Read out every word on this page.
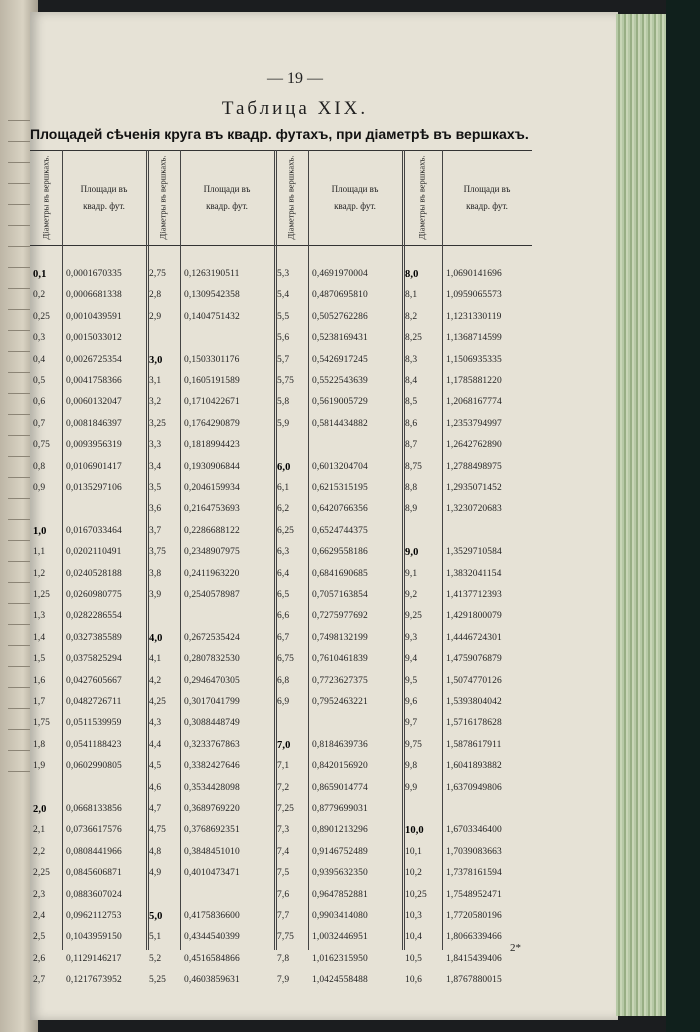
— 19 —
Таблица XIX.
Площадей сѣченія круга въ квадр. футахъ, при діаметрѣ въ вершкахъ.
Діаметры въ вершкахъ.	Площади въ квадр. фут.
0,1 0,0001670335
0,2 0,0006681338
0,25 0,0010439591
0,3 0,0015033012
0,4 0,0026725354
0,5 0,0041758366
0,6 0,0060132047
0,7 0,0081846397
0,75 0,0093956319
0,8 0,0106901417
0,9 0,0135297106
1,0 0,0167033464
1,1 0,0202110491
1,2 0,0240528188
1,25 0,0260980775
1,3 0,0282286554
1,4 0,0327385589
1,5 0,0375825294
1,6 0,0427605667
1,7 0,0482726711
1,75 0,0511539959
1,8 0,0541188423
1,9 0,0602990805
2,0 0,0668133856
2,1 0,0736617576
2,2 0,0808441966
2,25 0,0845606871
2,3 0,0883607024
2,4 0,0962112753
2,5 0,1043959150
2,6 0,1129146217
2,7 0,1217673952
Діаметры въ вершкахъ.	Площади въ квадр. фут.
2,75 0,1263190511
2,8 0,1309542358
2,9 0,1404751432
3,0 0,1503301176
3,1 0,1605191589
3,2 0,1710422671
3,25 0,1764290879
3,3 0,1818994423
3,4 0,1930906844
3,5 0,2046159934
3,6 0,2164753693
3,7 0,2286688122
3,75 0,2348907975
3,8 0,2411963220
3,9 0,2540578987
4,0 0,2672535424
4,1 0,2807832530
4,2 0,2946470305
4,25 0,3017041799
4,3 0,3088448749
4,4 0,3233767863
4,5 0,3382427646
4,6 0,3534428098
4,7 0,3689769220
4,75 0,3768692351
4,8 0,3848451010
4,9 0,4010473471
5,0 0,4175836600
5,1 0,4344540399
5,2 0,4516584866
5,25 0,4603859631
Діаметры въ вершкахъ.	Площади въ квадр. фут.
5,3 0,4691970004
5,4 0,4870695810
5,5 0,5052762286
5,6 0,5238169431
5,7 0,5426917245
5,75 0,5522543639
5,8 0,5619005729
5,9 0,5814434882
6,0 0,6013204704
6,1 0,6215315195
6,2 0,6420766356
6,25 0,6524744375
6,3 0,6629558186
6,4 0,6841690685
6,5 0,7057163854
6,6 0,7275977692
6,7 0,7498132199
6,75 0,7610461839
6,8 0,7723627375
6,9 0,7952463221
7,0 0,8184639736
7,1 0,8420156920
7,2 0,8659014774
7,25 0,8779699031
7,3 0,8901213296
7,4 0,9146752489
7,5 0,9395632350
7,6 0,9647852881
7,7 0,9903414080
7,75 1,0032446951
7,8 1,0162315950
7,9 1,0424558488
Діаметры въ вершкахъ.	Площади въ квадр. фут.
8,0	1,0690141696
8,1	1,0959065573
8,2	1,1231330119
8,25	1,1368714599
8,3	1,1506935335
8,4	1,1785881220
8,5	1,2068167774
8,6	1,2353794997
8,7	1,2642762890
8,75	1,2788498975
8,8	1,2935071452
8,9	1,3230720683
9,0	1,3529710584
9,1	1,3832041154
9,2	1,4137712393
9,25	1,4291800079
9,3	1,4446724301
9,4	1,4759076879
9,5	1,5074770126
9,6	1,5393804042
9,7	1,5716178628
9,75	1,5878617911
9,8	1,6041893882
9,9	1,6370949806
10,0 1,6703346400
10,1	1,7039083663
10,2	1,7378161594
10,25 1,7548952471
10,3	1,7720580196
10,4	1,8066339466
10,5	1,8415439406
10,6	1,8767880015
2*
